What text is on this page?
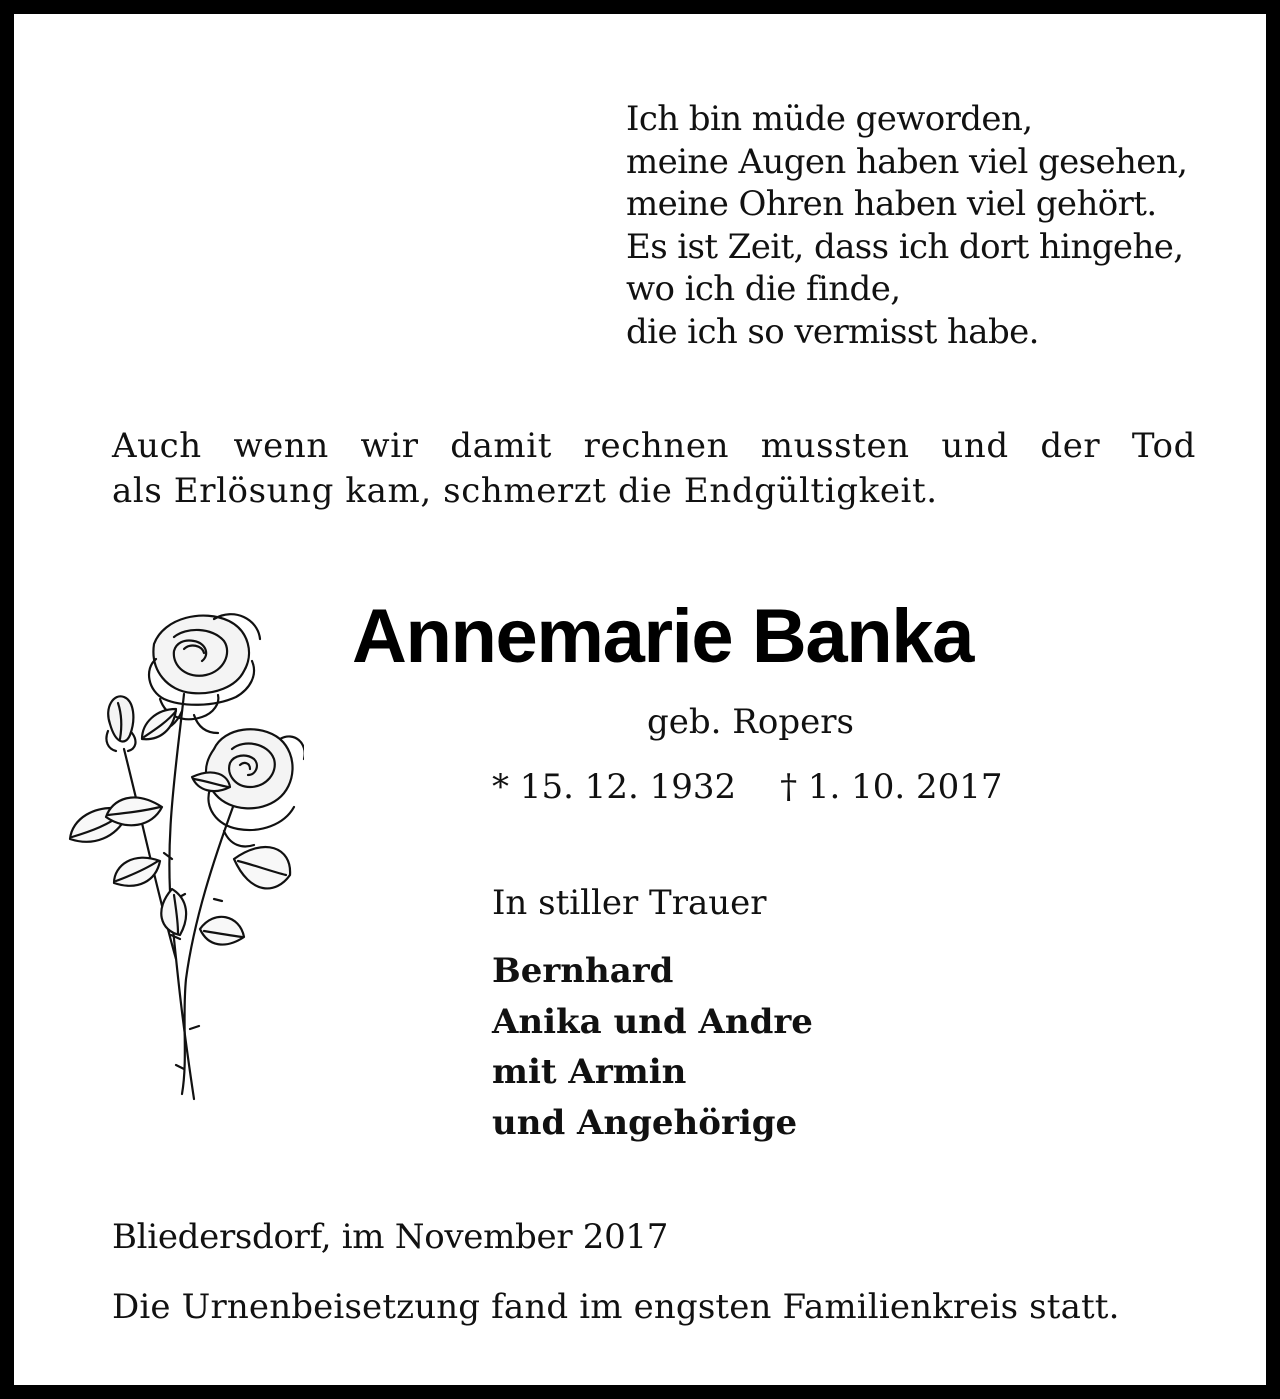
Ich bin müde geworden,
meine Augen haben viel gesehen,
meine Ohren haben viel gehört.
Es ist Zeit, dass ich dort hingehe,
wo ich die finde,
die ich so vermisst habe.
Auch wenn wir damit rechnen mussten und der Tod
als Erlösung kam, schmerzt die Endgültigkeit.
Annemarie Banka
geb. Ropers
* 15. 12. 1932 † 1. 10. 2017
In stiller Trauer
Bernhard
Anika und Andre
mit Armin
und Angehörige
Bliedersdorf, im November 2017
Die Urnenbeisetzung fand im engsten Familienkreis statt.
